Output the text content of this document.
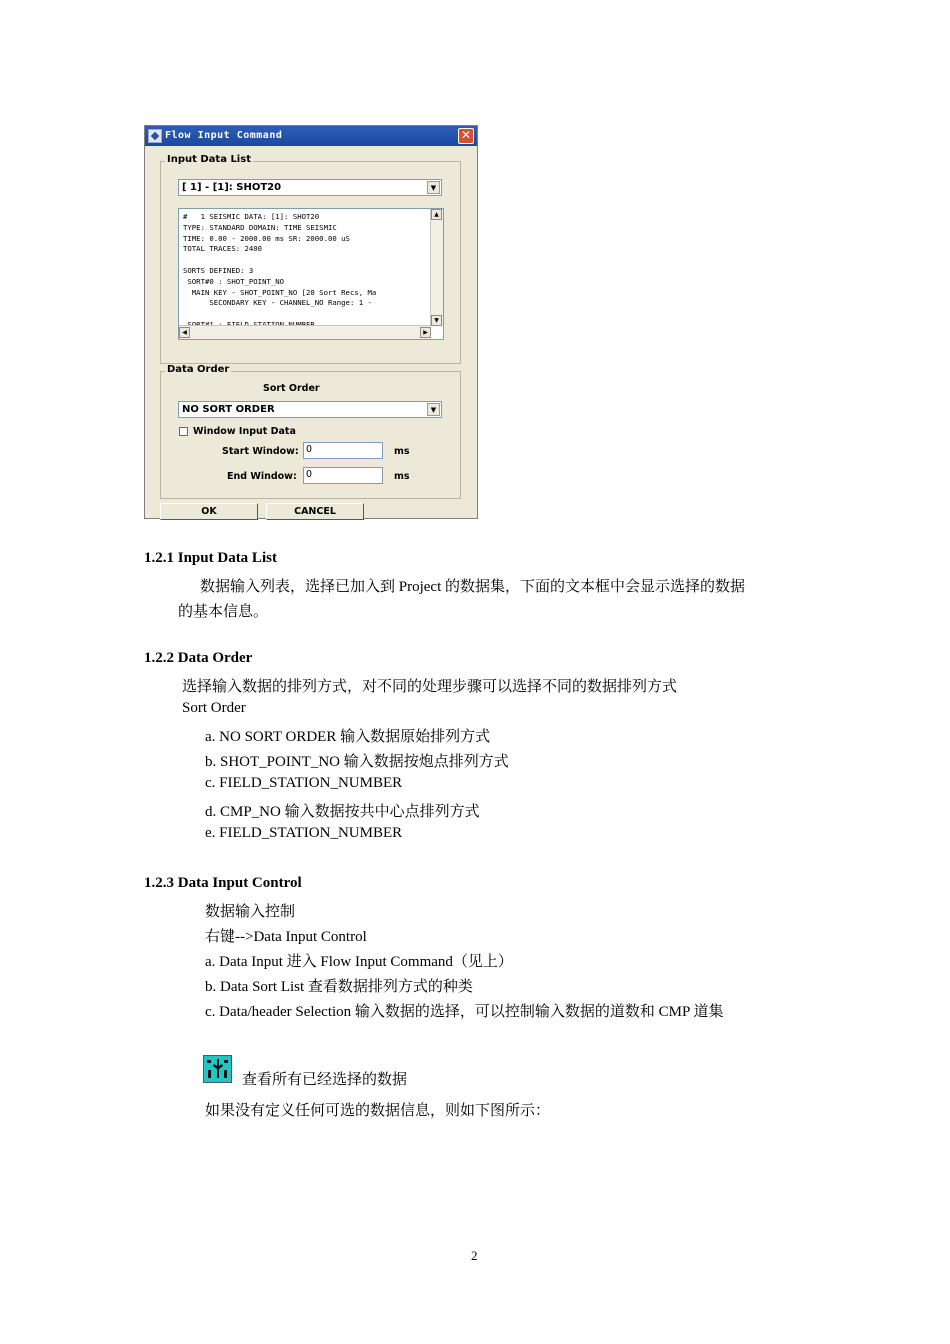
Flow Input Command	✕
Input Data List
[ 1] - [1]: SHOT20	▼
#   1 SEISMIC DATA: [1]: SHOT20
TYPE: STANDARD DOMAIN: TIME SEISMIC
TIME: 0.00 - 2000.00 ms SR: 2000.00 uS
TOTAL TRACES: 2400

SORTS DEFINED: 3
SORT#0 : SHOT_POINT_NO
MAIN KEY - SHOT_POINT_NO [20 Sort Recs, Ma
SECONDARY KEY - CHANNEL_NO Range: 1 -

▲
▼
◀	▶
Data Order
Sort Order
NO SORT ORDER	▼
Window Input Data
Start Window: 0	ms
End Window: 0	ms
OK	CANCEL
1.2.1 Input Data List
数据输入列表，选择已加入到 Project 的数据集，下面的文本框中会显示选择的数据
的基本信息。
1.2.2 Data Order
选择输入数据的排列方式，对不同的处理步骤可以选择不同的数据排列方式
Sort Order
a. NO SORT ORDER 输入数据原始排列方式
b. SHOT_POINT_NO 输入数据按炮点排列方式
c. FIELD_STATION_NUMBER
d. CMP_NO 输入数据按共中心点排列方式
e. FIELD_STATION_NUMBER
1.2.3 Data Input Control
数据输入控制
右键-->Data Input Control
a. Data Input 进入 Flow Input Command（见上）
b. Data Sort List 查看数据排列方式的种类
c. Data/header Selection 输入数据的选择，可以控制输入数据的道数和 CMP 道集
查看所有已经选择的数据
如果没有定义任何可选的数据信息，则如下图所示：
2
